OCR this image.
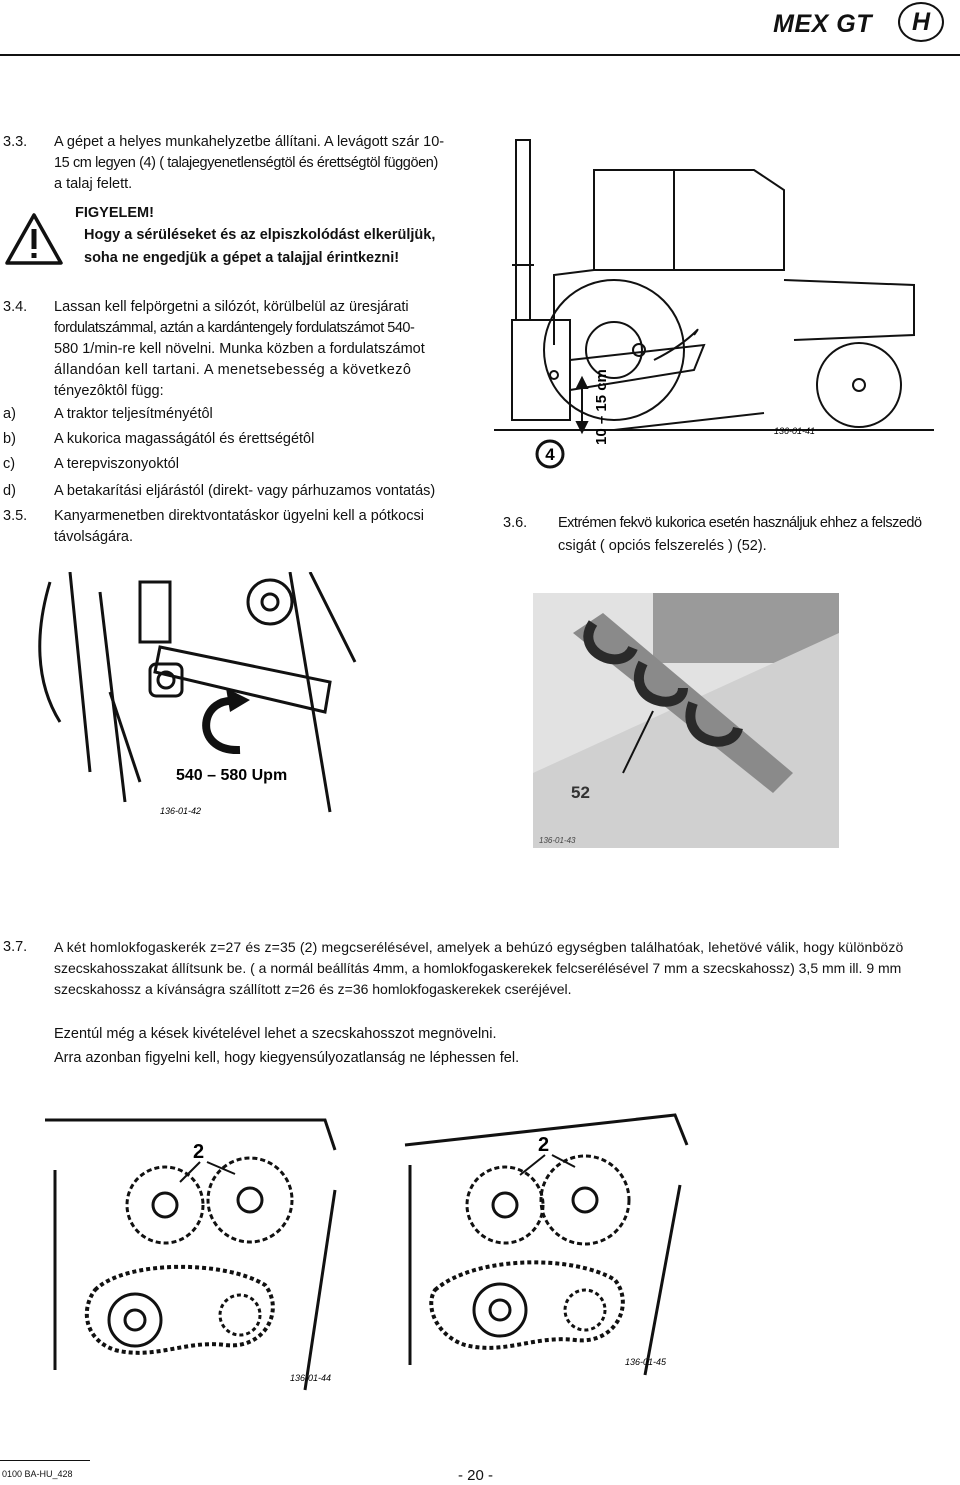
MEX GT	H
3.3. A gépet a helyes munkahelyzetbe állítani. A levágott szár 10-
15 cm legyen (4) ( talajegyenetlenségtöl és érettségtöl függöen)
a talaj felett.
FIGYELEM!
Hogy a sérüléseket és az elpiszkolódást elkerüljük,
soha ne engedjük a gépet a talajjal érintkezni!
3.4. Lassan kell felpörgetni a silózót, körülbelül az üresjárati
fordulatszámmal, aztán a kardántengely fordulatszámot 540-
580 1/min-re kell növelni. Munka közben a fordulatszámot
állandóan kell tartani. A menetsebesség a következô
tényezôktôl függ:
a)	A traktor teljesítményétôl
b)	A kukorica magasságától és érettségétôl
c)	A terepviszonyoktól
d)	A betakarítási eljárástól (direkt- vagy párhuzamos vontatás)
3.5. Kanyarmenetben direktvontatáskor ügyelni kell a pótkocsi
távolságára.
3.6. Extrémen fekvö kukorica esetén használjuk ehhez a felszedö
csigát ( opciós felszerelés ) (52).
10 – 15 cm
4
136-01-41
540 – 580 Upm
136-01-42
52
136-01-43
3.7. A két homlokfogaskerék z=27 és z=35 (2) megcserélésével, amelyek a behúzó egységben találhatóak, lehetövé válik, hogy különbözö
szecskahosszakat állítsunk be. ( a normál beállítás 4mm, a homlokfogaskerekek felcserélésével 7 mm a szecskahossz) 3,5 mm ill. 9 mm
szecskahossz a kívánságra szállított z=26 és z=36 homlokfogaskerekek cseréjével.
Ezentúl még a kések kivételével lehet a szecskahosszot megnövelni.
Arra azonban figyelni kell, hogy kiegyensúlyozatlanság ne léphessen fel.
2
136-01-44
2
136-01-45
0100 BA-HU_428	- 20 -
